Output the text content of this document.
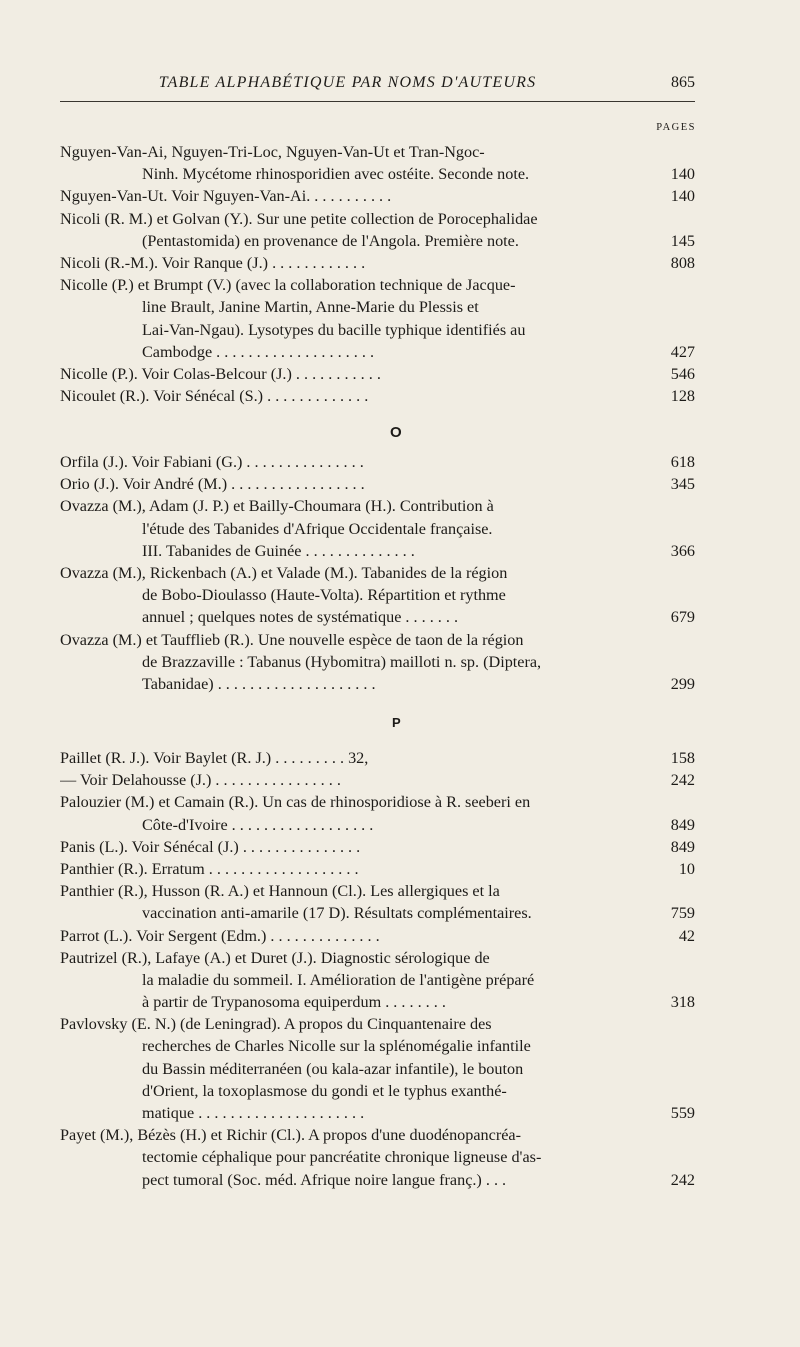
TABLE ALPHABÉTIQUE PAR NOMS D'AUTEURS	865
PAGES
Nguyen-Van-Ai, Nguyen-Tri-Loc, Nguyen-Van-Ut et Tran-Ngoc-
Ninh. Mycétome rhinosporidien avec ostéite. Seconde note.	140
Nguyen-Van-Ut. Voir Nguyen-Van-Ai. . . . . . . . . . .	140
Nicoli (R. M.) et Golvan (Y.). Sur une petite collection de Porocephalidae
(Pentastomida) en provenance de l'Angola. Première note.	145
Nicoli (R.-M.). Voir Ranque (J.) . . . . . . . . . . . .	808
Nicolle (P.) et Brumpt (V.) (avec la collaboration technique de Jacque-
line Brault, Janine Martin, Anne-Marie du Plessis et
Lai-Van-Ngau). Lysotypes du bacille typhique identifiés au
Cambodge . . . . . . . . . . . . . . . . . . . .	427
Nicolle (P.). Voir Colas-Belcour (J.) . . . . . . . . . . .	546
Nicoulet (R.). Voir Sénécal (S.) . . . . . . . . . . . . .	128
Orfila (J.). Voir Fabiani (G.) . . . . . . . . . . . . . . .	618
Orio (J.). Voir André (M.) . . . . . . . . . . . . . . . . .	345
Ovazza (M.), Adam (J. P.) et Bailly-Choumara (H.). Contribution à
l'étude des Tabanides d'Afrique Occidentale française.
III. Tabanides de Guinée . . . . . . . . . . . . . .	366
Ovazza (M.), Rickenbach (A.) et Valade (M.). Tabanides de la région
de Bobo-Dioulasso (Haute-Volta). Répartition et rythme
annuel ; quelques notes de systématique . . . . . . .	679
Ovazza (M.) et Taufflieb (R.). Une nouvelle espèce de taon de la région
de Brazzaville : Tabanus (Hybomitra) mailloti n. sp. (Diptera,
Tabanidae) . . . . . . . . . . . . . . . . . . . .	299
Paillet (R. J.). Voir Baylet (R. J.) . . . . . . . . . 32,	158
— Voir Delahousse (J.) . . . . . . . . . . . . . . . .	242
Palouzier (M.) et Camain (R.). Un cas de rhinosporidiose à R. seeberi en
Côte-d'Ivoire . . . . . . . . . . . . . . . . . .	849
Panis (L.). Voir Sénécal (J.) . . . . . . . . . . . . . . .	849
Panthier (R.). Erratum . . . . . . . . . . . . . . . . . . .	10
Panthier (R.), Husson (R. A.) et Hannoun (Cl.). Les allergiques et la
vaccination anti-amarile (17 D). Résultats complémentaires.	759
Parrot (L.). Voir Sergent (Edm.) . . . . . . . . . . . . . .	42
Pautrizel (R.), Lafaye (A.) et Duret (J.). Diagnostic sérologique de
la maladie du sommeil. I. Amélioration de l'antigène préparé
à partir de Trypanosoma equiperdum . . . . . . . .	318
Pavlovsky (E. N.) (de Leningrad). A propos du Cinquantenaire des
recherches de Charles Nicolle sur la splénomégalie infantile
du Bassin méditerranéen (ou kala-azar infantile), le bouton
d'Orient, la toxoplasmose du gondi et le typhus exanthé-
matique . . . . . . . . . . . . . . . . . . . . .	559
Payet (M.), Bézès (H.) et Richir (Cl.). A propos d'une duodénopancréa-
tectomie céphalique pour pancréatite chronique ligneuse d'as-
pect tumoral (Soc. méd. Afrique noire langue franç.) . . .	242
O
P
